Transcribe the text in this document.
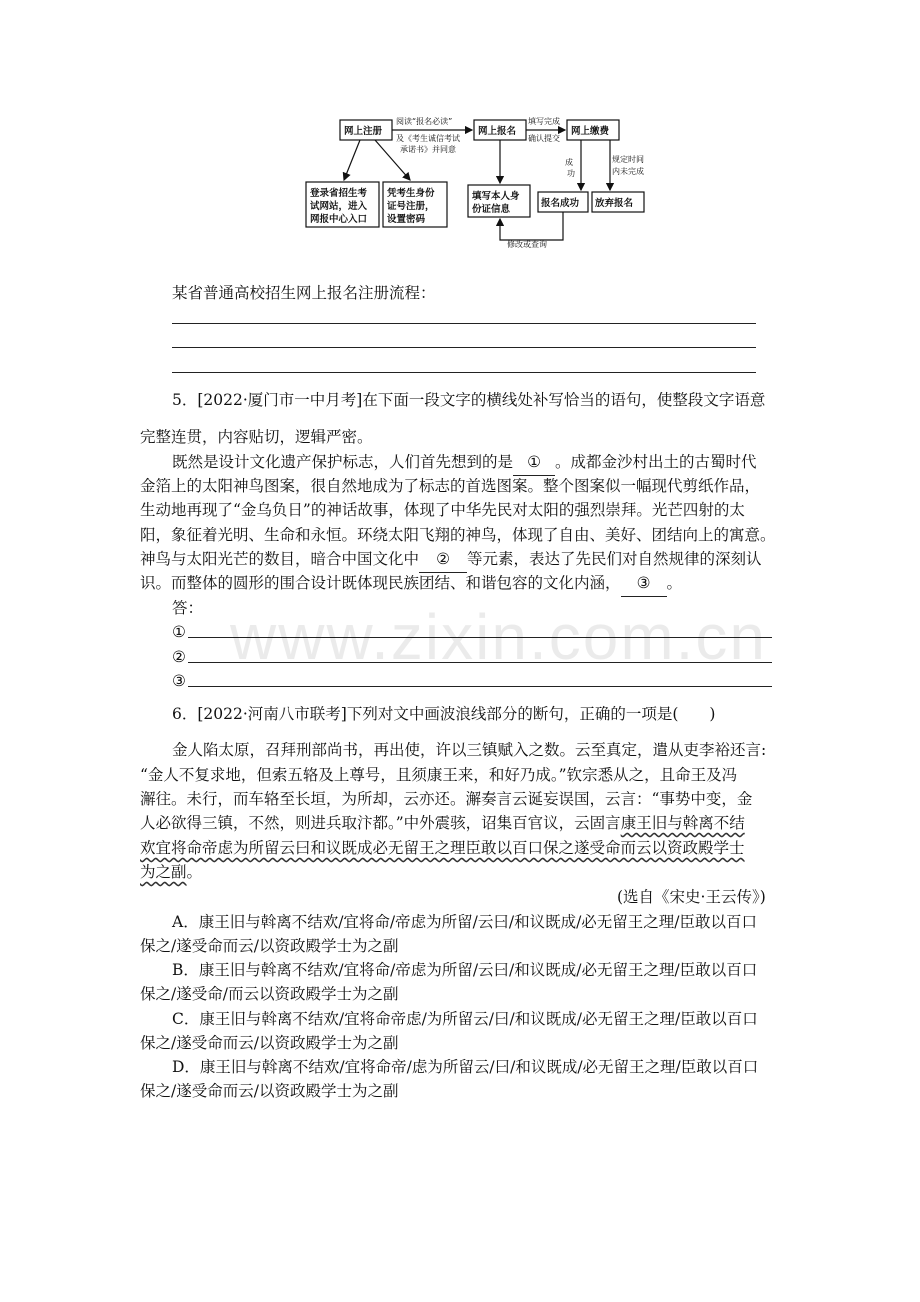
网上注册	网上报名	网上缴费
登录省招生考
试网站，进入
网报中心入口
凭考生身份
证号注册，
设置密码
填写本人身
份证信息
报名成功 放弃报名
阅读“报名必读”
及《考生诚信考试
承诺书》并同意
填写完成
确认提交
成
功
规定时间
内未完成
修改或查询
某省普通高校招生网上报名注册流程：
5．[2022·厦门市一中月考]在下面一段文字的横线处补写恰当的语句，使整段文字语意
完整连贯，内容贴切，逻辑严密。
既然是设计文化遗产保护标志，人们首先想到的是 ① 。成都金沙村出土的古蜀时代
金箔上的太阳神鸟图案，很自然地成为了标志的首选图案。整个图案似一幅现代剪纸作品，
生动地再现了“金乌负日”的神话故事，体现了中华先民对太阳的强烈崇拜。光芒四射的太
阳，象征着光明、生命和永恒。环绕太阳飞翔的神鸟，体现了自由、美好、团结向上的寓意。
神鸟与太阳光芒的数目，暗合中国文化中 ② 等元素，表达了先民们对自然规律的深刻认
识。而整体的圆形的围合设计既体现民族团结、和谐包容的文化内涵， ③ 。
答：
①
②
③
www.zixin.com.cn
6．[2022·河南八市联考]下列对文中画波浪线部分的断句，正确的一项是(　　)
金人陷太原，召拜刑部尚书，再出使，许以三镇赋入之数。云至真定，遣从吏李裕还言:
“金人不复求地，但索五辂及上尊号，且须康王来，和好乃成。”钦宗悉从之，且命王及冯
澥往。未行，而车辂至长垣，为所却，云亦还。澥奏言云诞妄误国，云言：“事势中变，金
人必欲得三镇，不然，则进兵取汴都。”中外震骇，诏集百官议，云固言康王旧与斡离不结
欢宜将命帝虑为所留云曰和议既成必无留王之理臣敢以百口保之遂受命而云以资政殿学士
为之副。
(选自《宋史·王云传》)
A．康王旧与斡离不结欢/宜将命/帝虑为所留/云曰/和议既成/必无留王之理/臣敢以百口
保之/遂受命而云/以资政殿学士为之副
B．康王旧与斡离不结欢/宜将命/帝虑为所留/云曰/和议既成/必无留王之理/臣敢以百口
保之/遂受命/而云以资政殿学士为之副
C．康王旧与斡离不结欢/宜将命帝虑/为所留云/曰/和议既成/必无留王之理/臣敢以百口
保之/遂受命而云/以资政殿学士为之副
D．康王旧与斡离不结欢/宜将命帝/虑为所留云/曰/和议既成/必无留王之理/臣敢以百口
保之/遂受命而云/以资政殿学士为之副
